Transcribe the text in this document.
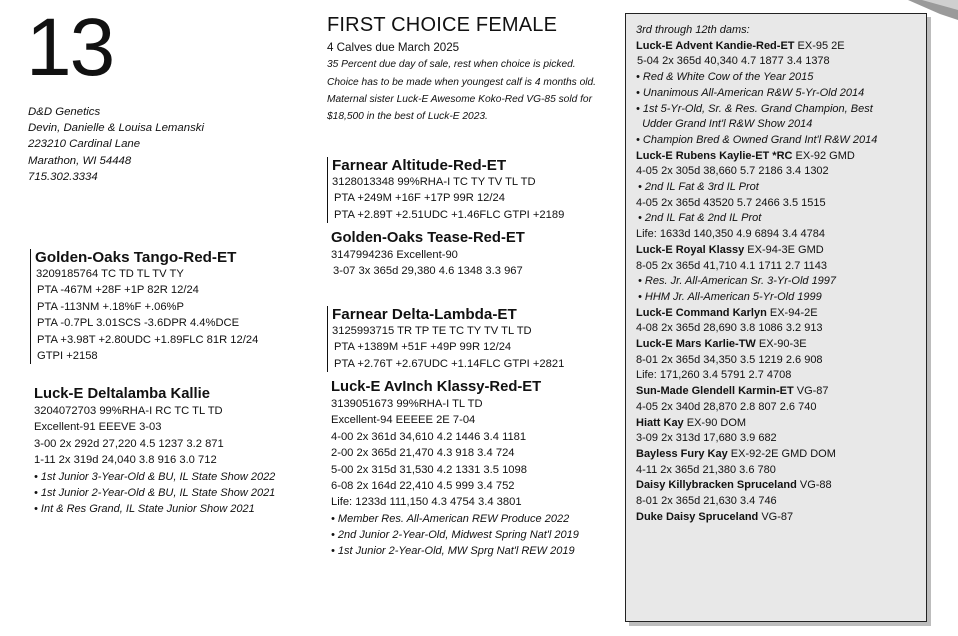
13
D&D Genetics
Devin, Danielle & Louisa Lemanski
223210 Cardinal Lane
Marathon, WI 54448
715.302.3334
Golden-Oaks Tango-Red-ET
3209185764 TC TD TL TV TY
PTA -467M +28F +1P 82R 12/24
PTA -113NM +.18%F +.06%P
PTA -0.7PL 3.01SCS -3.6DPR 4.4%DCE
PTA +3.98T +2.80UDC +1.89FLC 81R 12/24
GTPI +2158
Luck-E Deltalamba Kallie
3204072703 99%RHA-I RC TC TL TD
Excellent-91 EEEVE 3-03
3-00 2x 292d 27,220 4.5 1237 3.2 871
1-11 2x 319d 24,040 3.8 916 3.0 712
• 1st Junior 3-Year-Old & BU, IL State Show 2022
• 1st Junior 2-Year-Old & BU, IL State Show 2021
• Int & Res Grand, IL State Junior Show 2021
FIRST CHOICE FEMALE
4 Calves due March 2025
35 Percent due day of sale, rest when choice is picked.
Choice has to be made when youngest calf is 4 months old.
Maternal sister Luck-E Awesome Koko-Red VG-85 sold for
$18,500 in the best of Luck-E 2023.
Farnear Altitude-Red-ET
3128013348 99%RHA-I TC TY TV TL TD
PTA +249M +16F +17P 99R 12/24
PTA +2.89T +2.51UDC +1.46FLC GTPI +2189
Golden-Oaks Tease-Red-ET
3147994236 Excellent-90
3-07 3x 365d 29,380 4.6 1348 3.3 967
Farnear Delta-Lambda-ET
3125993715 TR TP TE TC TY TV TL TD
PTA +1389M +51F +49P 99R 12/24
PTA +2.76T +2.67UDC +1.14FLC GTPI +2821
Luck-E AvInch Klassy-Red-ET
3139051673 99%RHA-I TL TD
Excellent-94 EEEEE 2E 7-04
4-00 2x 361d 34,610 4.2 1446 3.4 1181
2-00 2x 365d 21,470 4.3 918 3.4 724
5-00 2x 315d 31,530 4.2 1331 3.5 1098
6-08 2x 164d 22,410 4.5 999 3.4 752
Life: 1233d 111,150 4.3 4754 3.4 3801
• Member Res. All-American REW Produce 2022
• 2nd Junior 2-Year-Old, Midwest Spring Nat'l 2019
• 1st Junior 2-Year-Old, MW Sprg Nat'l REW 2019
3rd through 12th dams:
Luck-E Advent Kandie-Red-ET EX-95 2E
5-04 2x 365d 40,340 4.7 1877 3.4 1378
• Red & White Cow of the Year 2015
• Unanimous All-American R&W 5-Yr-Old 2014
• 1st 5-Yr-Old, Sr. & Res. Grand Champion, Best
Udder Grand Int'l R&W Show 2014
• Champion Bred & Owned Grand Int'l R&W 2014
Luck-E Rubens Kaylie-ET *RC EX-92 GMD
4-05 2x 305d 38,660 5.7 2186 3.4 1302
• 2nd IL Fat & 3rd IL Prot
4-05 2x 365d 43520 5.7 2466 3.5 1515
• 2nd IL Fat & 2nd IL Prot
Life: 1633d 140,350 4.9 6894 3.4 4784
Luck-E Royal Klassy EX-94-3E GMD
8-05 2x 365d 41,710 4.1 1711 2.7 1143
• Res. Jr. All-American Sr. 3-Yr-Old 1997
• HHM Jr. All-American 5-Yr-Old 1999
Luck-E Command Karlyn EX-94-2E
4-08 2x 365d 28,690 3.8 1086 3.2 913
Luck-E Mars Karlie-TW EX-90-3E
8-01 2x 365d 34,350 3.5 1219 2.6 908
Life: 171,260 3.4 5791 2.7 4708
Sun-Made Glendell Karmin-ET VG-87
4-05 2x 340d 28,870 2.8 807 2.6 740
Hiatt Kay EX-90 DOM
3-09 2x 313d 17,680 3.9 682
Bayless Fury Kay EX-92-2E GMD DOM
4-11 2x 365d 21,380 3.6 780
Daisy Killybracken Spruceland VG-88
8-01 2x 365d 21,630 3.4 746
Duke Daisy Spruceland VG-87
